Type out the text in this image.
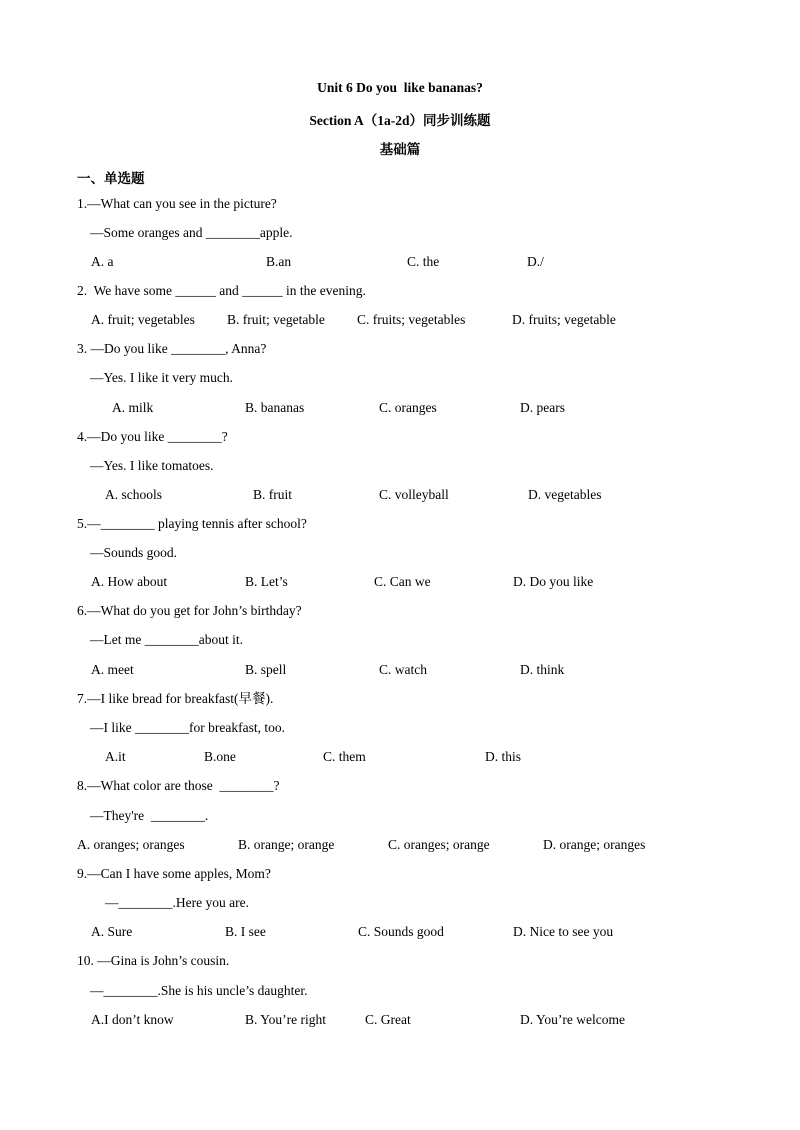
Unit 6 Do you  like bananas?
Section A（1a-2d）同步训练题
基础篇
一、单选题
1.—What can you see in the picture?
—Some oranges and ________apple.
A. a	B.an	C. the	D./
2.  We have some ______ and ______ in the evening.
A. fruit; vegetables B. fruit; vegetable C. fruits; vegetables	D. fruits; vegetable
3. —Do you like ________, Anna?
—Yes. I like it very much.
A. milk	B. bananas	C. oranges	D. pears
4.—Do you like ________?
—Yes. I like tomatoes.
A. schools	B. fruit	C. volleyball	D. vegetables
5.—________ playing tennis after school?
—Sounds good.
A. How about	B. Let’s	C. Can we	D. Do you like
6.—What do you get for John’s birthday?
—Let me ________about it.
A. meet	B. spell	C. watch	D. think
7.—I like bread for breakfast(早餐).
—I like ________for breakfast, too.
A.it	B.one	C. them	D. this
8.—What color are those  ________?
—They're  ________.
A. oranges; oranges	B. orange; orange	C. oranges; orange	D. orange; oranges
9.—Can I have some apples, Mom?
—________.Here you are.
A. Sure	B. I see	C. Sounds good	D. Nice to see you
10. —Gina is John’s cousin.
—________.She is his uncle’s daughter.
A.I don’t know	B. You’re right	C. Great	D. You’re welcome
